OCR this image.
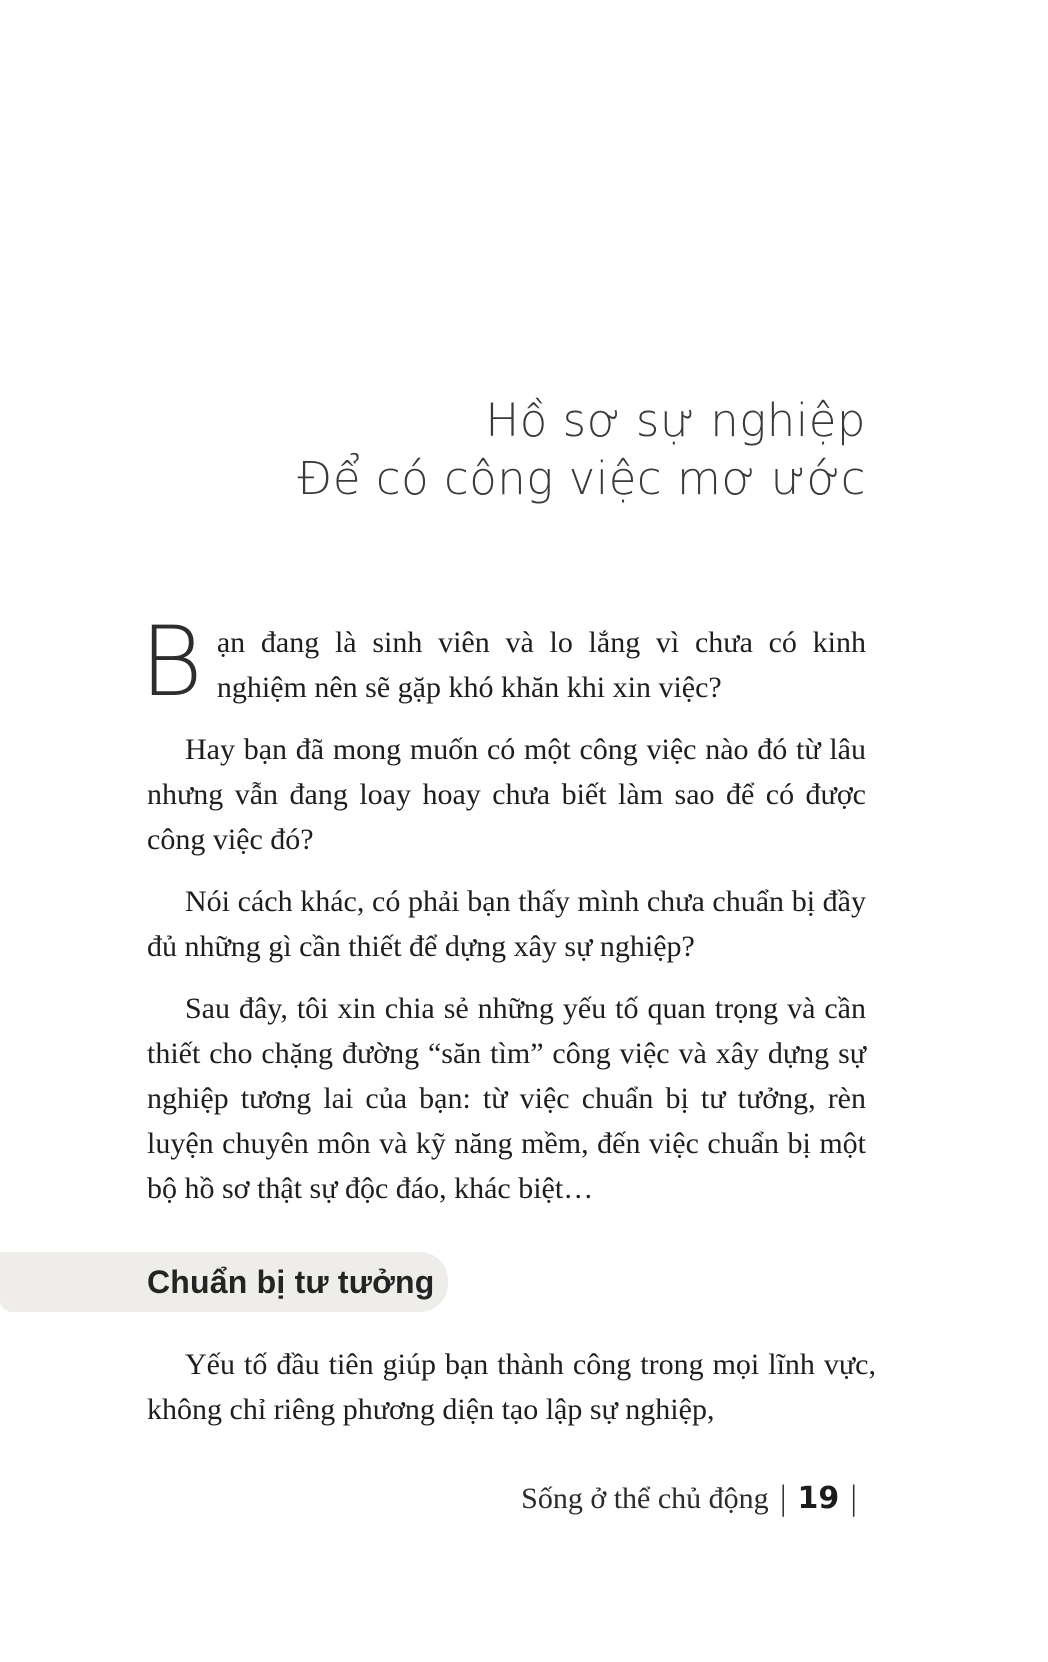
Hồ sơ sự nghiệp
Để có công việc mơ ước

Bạn đang là sinh viên và lo lắng vì chưa có kinh nghiệm nên sẽ gặp khó khăn khi xin việc?

Hay bạn đã mong muốn có một công việc nào đó từ lâu nhưng vẫn đang loay hoay chưa biết làm sao để có được công việc đó?

Nói cách khác, có phải bạn thấy mình chưa chuẩn bị đầy đủ những gì cần thiết để dựng xây sự nghiệp?

Sau đây, tôi xin chia sẻ những yếu tố quan trọng và cần thiết cho chặng đường “săn tìm” công việc và xây dựng sự nghiệp tương lai của bạn: từ việc chuẩn bị tư tưởng, rèn luyện chuyên môn và kỹ năng mềm, đến việc chuẩn bị một bộ hồ sơ thật sự độc đáo, khác biệt…

Chuẩn bị tư tưởng

Yếu tố đầu tiên giúp bạn thành công trong mọi lĩnh vực, không chỉ riêng phương diện tạo lập sự nghiệp,

Sống ở thể chủ động | 19 |
